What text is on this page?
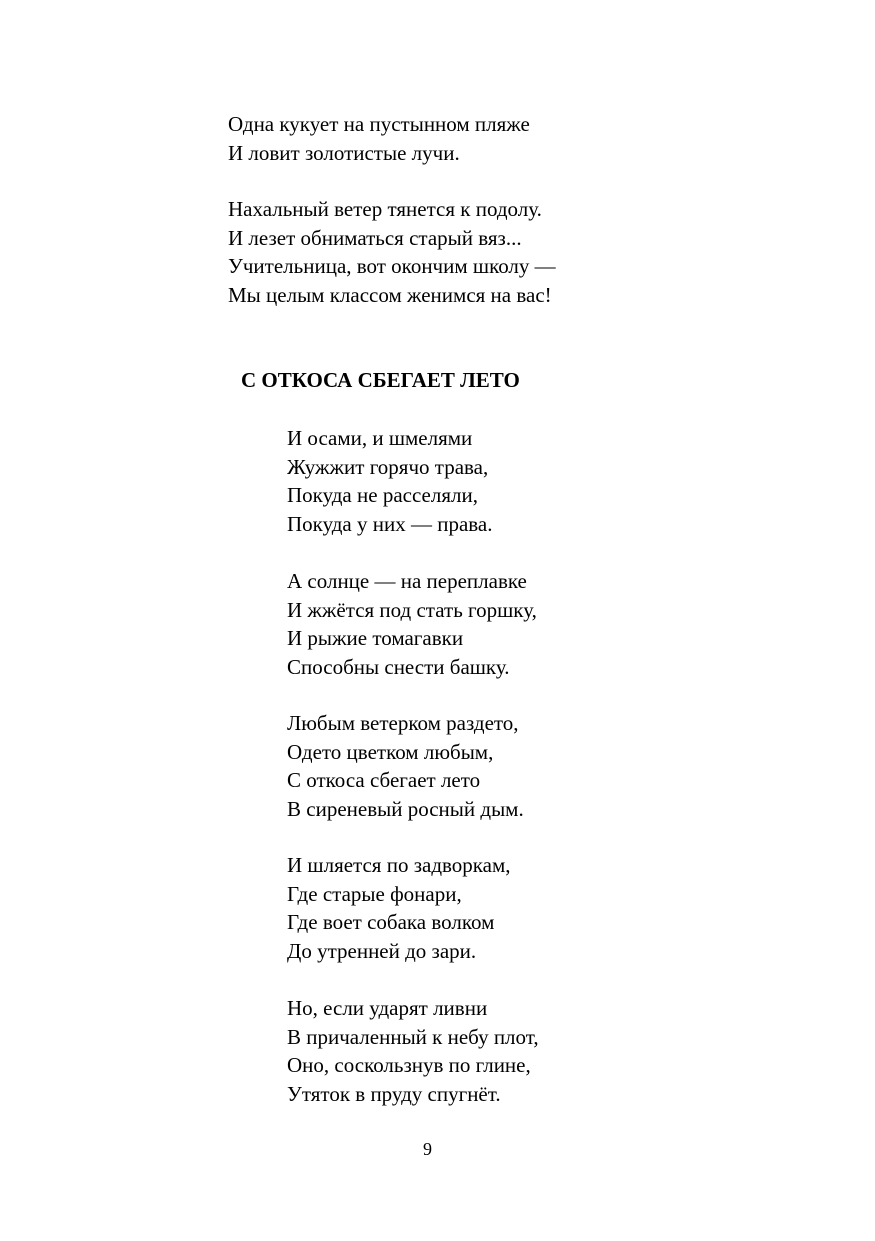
Одна кукует на пустынном пляже
И ловит золотистые лучи.
Нахальный ветер тянется к подолу.
И лезет обниматься старый вяз...
Учительница, вот окончим школу —
Мы целым классом женимся на вас!
С ОТКОСА СБЕГАЕТ ЛЕТО
И осами, и шмелями
Жужжит горячо трава,
Покуда не расселяли,
Покуда у них — права.
А солнце — на переплавке
И жжётся под стать горшку,
И рыжие томагавки
Способны снести башку.
Любым ветерком раздето,
Одето цветком любым,
С откоса сбегает лето
В сиреневый росный дым.
И шляется по задворкам,
Где старые фонари,
Где воет собака волком
До утренней до зари.
Но, если ударят ливни
В причаленный к небу плот,
Оно, соскользнув по глине,
Утяток в пруду спугнёт.
9
